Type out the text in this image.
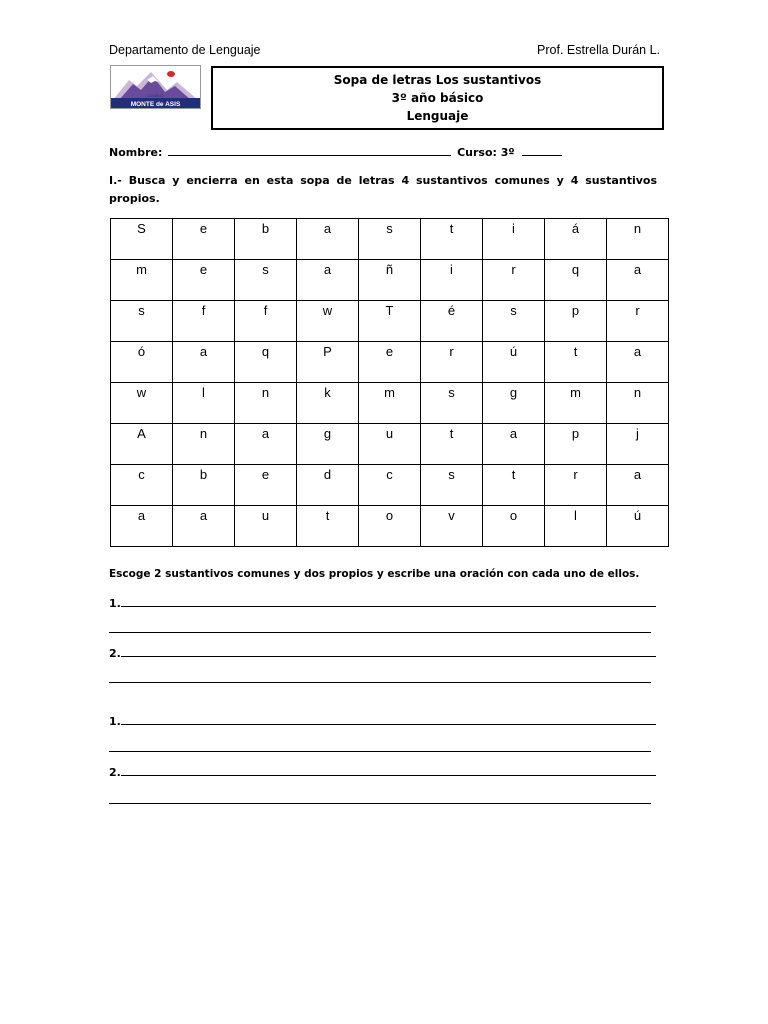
Departamento de Lenguaje	Prof. Estrella Durán L.
MONTE de ASIS
COLEGIO
Sopa de letras Los sustantivos
3º año básico
Lenguaje
Nombre:	Curso: 3º
I.- Busca y encierra en esta sopa de letras 4 sustantivos comunes y 4 sustantivos propios.
S	e	b	a	s	t	i	á	n
m	e	s	a	ñ	i	r	q	a
s	f	f	w	T	é	s	p	r
ó	a	q	P	e	r	ú	t	a
w	l	n	k	m	s	g	m	n
A	n	a	g	u	t	a	p	j
c	b	e	d	c	s	t	r	a
a	a	u	t	o	v	o	l	ú
Escoge 2 sustantivos comunes y dos propios y escribe una oración con cada uno de ellos.
1.
2.
1.
2.
